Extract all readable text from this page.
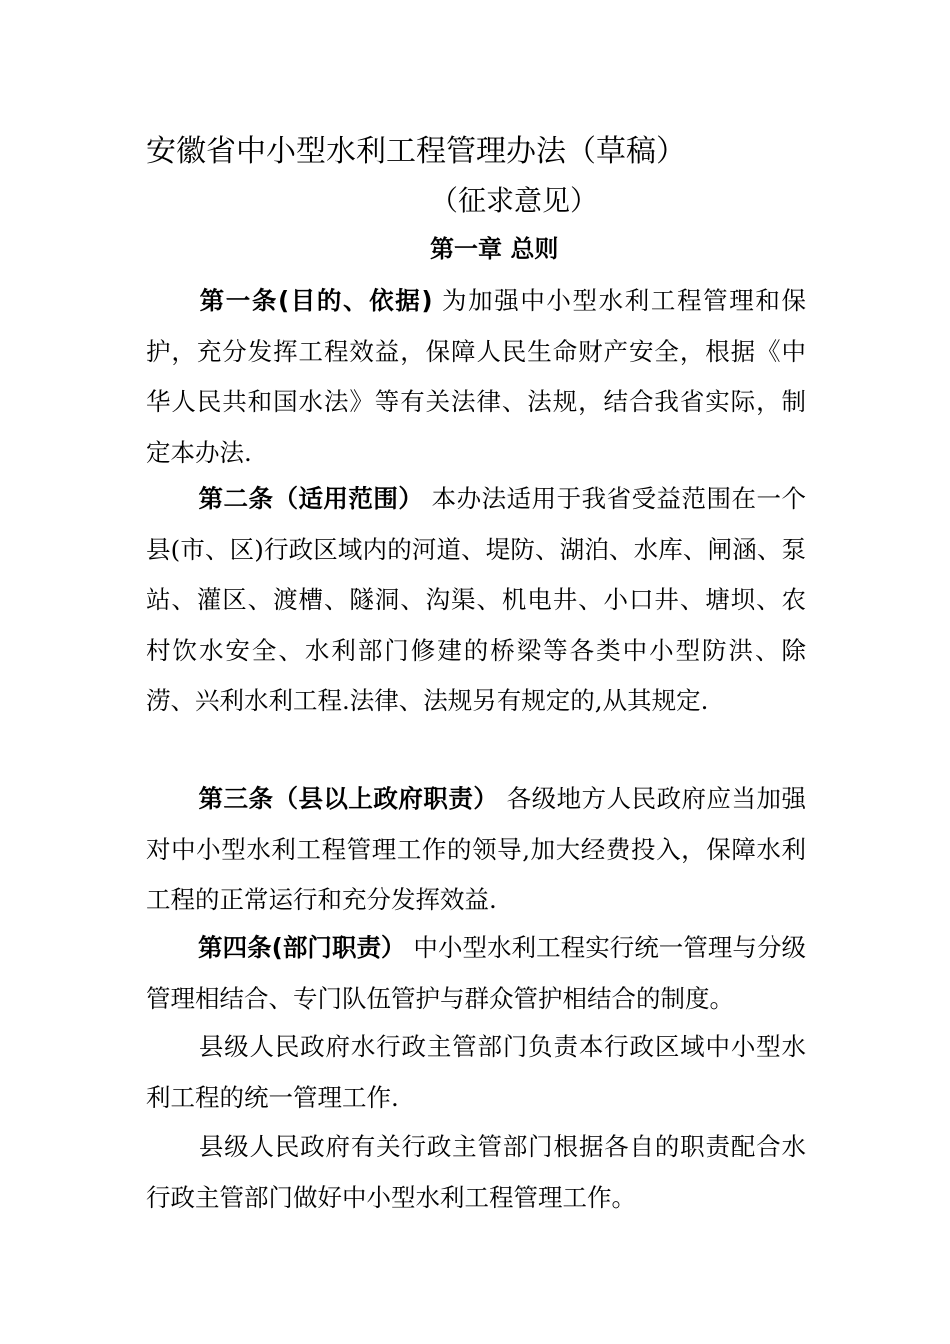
安徽省中小型水利工程管理办法（草稿）
（征求意见）
第一章 总则
第一条(目的、依据) 为加强中小型水利工程管理和保护，充分发挥工程效益，保障人民生命财产安全，根据《中华人民共和国水法》等有关法律、法规，结合我省实际，制定本办法.
第二条（适用范围） 本办法适用于我省受益范围在一个县(市、区)行政区域内的河道、堤防、湖泊、水库、闸涵、泵站、灌区、渡槽、隧洞、沟渠、机电井、小口井、塘坝、农村饮水安全、水利部门修建的桥梁等各类中小型防洪、除涝、兴利水利工程.法律、法规另有规定的,从其规定.
第三条（县以上政府职责） 各级地方人民政府应当加强对中小型水利工程管理工作的领导,加大经费投入，保障水利工程的正常运行和充分发挥效益.
第四条(部门职责） 中小型水利工程实行统一管理与分级管理相结合、专门队伍管护与群众管护相结合的制度。
县级人民政府水行政主管部门负责本行政区域中小型水利工程的统一管理工作.
县级人民政府有关行政主管部门根据各自的职责配合水行政主管部门做好中小型水利工程管理工作。
